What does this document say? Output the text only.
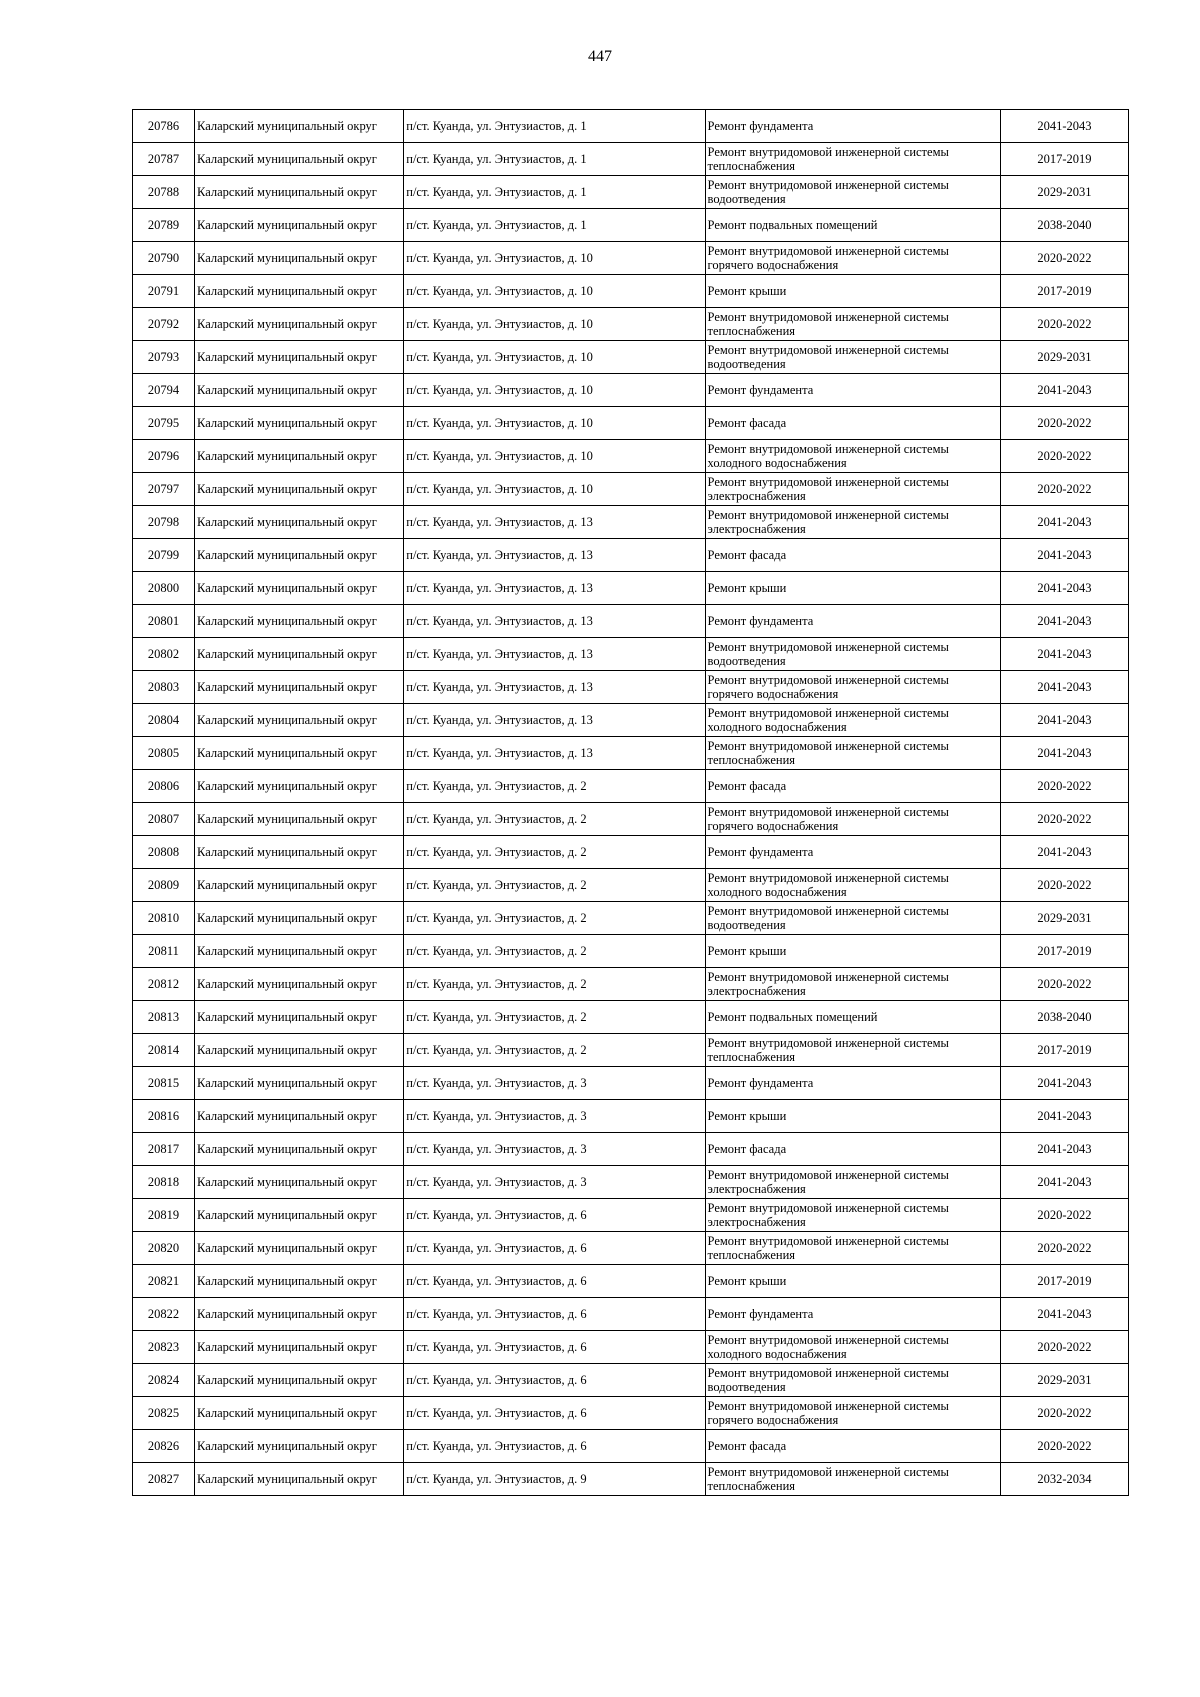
447
20786	Каларский муниципальный округ	п/ст. Куанда, ул. Энтузиастов, д. 1	Ремонт фундамента	2041-2043
20787	Каларский муниципальный округ	п/ст. Куанда, ул. Энтузиастов, д. 1	Ремонт внутридомовой инженерной системы теплоснабжения	2017-2019
20788	Каларский муниципальный округ	п/ст. Куанда, ул. Энтузиастов, д. 1	Ремонт внутридомовой инженерной системы водоотведения	2029-2031
20789	Каларский муниципальный округ	п/ст. Куанда, ул. Энтузиастов, д. 1	Ремонт подвальных помещений	2038-2040
20790	Каларский муниципальный округ	п/ст. Куанда, ул. Энтузиастов, д. 10	Ремонт внутридомовой инженерной системы горячего водоснабжения	2020-2022
20791	Каларский муниципальный округ	п/ст. Куанда, ул. Энтузиастов, д. 10	Ремонт крыши	2017-2019
20792	Каларский муниципальный округ	п/ст. Куанда, ул. Энтузиастов, д. 10	Ремонт внутридомовой инженерной системы теплоснабжения	2020-2022
20793	Каларский муниципальный округ	п/ст. Куанда, ул. Энтузиастов, д. 10	Ремонт внутридомовой инженерной системы водоотведения	2029-2031
20794	Каларский муниципальный округ	п/ст. Куанда, ул. Энтузиастов, д. 10	Ремонт фундамента	2041-2043
20795	Каларский муниципальный округ	п/ст. Куанда, ул. Энтузиастов, д. 10	Ремонт фасада	2020-2022
20796	Каларский муниципальный округ	п/ст. Куанда, ул. Энтузиастов, д. 10	Ремонт внутридомовой инженерной системы холодного водоснабжения	2020-2022
20797	Каларский муниципальный округ	п/ст. Куанда, ул. Энтузиастов, д. 10	Ремонт внутридомовой инженерной системы электроснабжения	2020-2022
20798	Каларский муниципальный округ	п/ст. Куанда, ул. Энтузиастов, д. 13	Ремонт внутридомовой инженерной системы электроснабжения	2041-2043
20799	Каларский муниципальный округ	п/ст. Куанда, ул. Энтузиастов, д. 13	Ремонт фасада	2041-2043
20800	Каларский муниципальный округ	п/ст. Куанда, ул. Энтузиастов, д. 13	Ремонт крыши	2041-2043
20801	Каларский муниципальный округ	п/ст. Куанда, ул. Энтузиастов, д. 13	Ремонт фундамента	2041-2043
20802	Каларский муниципальный округ	п/ст. Куанда, ул. Энтузиастов, д. 13	Ремонт внутридомовой инженерной системы водоотведения	2041-2043
20803	Каларский муниципальный округ	п/ст. Куанда, ул. Энтузиастов, д. 13	Ремонт внутридомовой инженерной системы горячего водоснабжения	2041-2043
20804	Каларский муниципальный округ	п/ст. Куанда, ул. Энтузиастов, д. 13	Ремонт внутридомовой инженерной системы холодного водоснабжения	2041-2043
20805	Каларский муниципальный округ	п/ст. Куанда, ул. Энтузиастов, д. 13	Ремонт внутридомовой инженерной системы теплоснабжения	2041-2043
20806	Каларский муниципальный округ	п/ст. Куанда, ул. Энтузиастов, д. 2	Ремонт фасада	2020-2022
20807	Каларский муниципальный округ	п/ст. Куанда, ул. Энтузиастов, д. 2	Ремонт внутридомовой инженерной системы горячего водоснабжения	2020-2022
20808	Каларский муниципальный округ	п/ст. Куанда, ул. Энтузиастов, д. 2	Ремонт фундамента	2041-2043
20809	Каларский муниципальный округ	п/ст. Куанда, ул. Энтузиастов, д. 2	Ремонт внутридомовой инженерной системы холодного водоснабжения	2020-2022
20810	Каларский муниципальный округ	п/ст. Куанда, ул. Энтузиастов, д. 2	Ремонт внутридомовой инженерной системы водоотведения	2029-2031
20811	Каларский муниципальный округ	п/ст. Куанда, ул. Энтузиастов, д. 2	Ремонт крыши	2017-2019
20812	Каларский муниципальный округ	п/ст. Куанда, ул. Энтузиастов, д. 2	Ремонт внутридомовой инженерной системы электроснабжения	2020-2022
20813	Каларский муниципальный округ	п/ст. Куанда, ул. Энтузиастов, д. 2	Ремонт подвальных помещений	2038-2040
20814	Каларский муниципальный округ	п/ст. Куанда, ул. Энтузиастов, д. 2	Ремонт внутридомовой инженерной системы теплоснабжения	2017-2019
20815	Каларский муниципальный округ	п/ст. Куанда, ул. Энтузиастов, д. 3	Ремонт фундамента	2041-2043
20816	Каларский муниципальный округ	п/ст. Куанда, ул. Энтузиастов, д. 3	Ремонт крыши	2041-2043
20817	Каларский муниципальный округ	п/ст. Куанда, ул. Энтузиастов, д. 3	Ремонт фасада	2041-2043
20818	Каларский муниципальный округ	п/ст. Куанда, ул. Энтузиастов, д. 3	Ремонт внутридомовой инженерной системы электроснабжения	2041-2043
20819	Каларский муниципальный округ	п/ст. Куанда, ул. Энтузиастов, д. 6	Ремонт внутридомовой инженерной системы электроснабжения	2020-2022
20820	Каларский муниципальный округ	п/ст. Куанда, ул. Энтузиастов, д. 6	Ремонт внутридомовой инженерной системы теплоснабжения	2020-2022
20821	Каларский муниципальный округ	п/ст. Куанда, ул. Энтузиастов, д. 6	Ремонт крыши	2017-2019
20822	Каларский муниципальный округ	п/ст. Куанда, ул. Энтузиастов, д. 6	Ремонт фундамента	2041-2043
20823	Каларский муниципальный округ	п/ст. Куанда, ул. Энтузиастов, д. 6	Ремонт внутридомовой инженерной системы холодного водоснабжения	2020-2022
20824	Каларский муниципальный округ	п/ст. Куанда, ул. Энтузиастов, д. 6	Ремонт внутридомовой инженерной системы водоотведения	2029-2031
20825	Каларский муниципальный округ	п/ст. Куанда, ул. Энтузиастов, д. 6	Ремонт внутридомовой инженерной системы горячего водоснабжения	2020-2022
20826	Каларский муниципальный округ	п/ст. Куанда, ул. Энтузиастов, д. 6	Ремонт фасада	2020-2022
20827	Каларский муниципальный округ	п/ст. Куанда, ул. Энтузиастов, д. 9	Ремонт внутридомовой инженерной системы теплоснабжения	2032-2034
